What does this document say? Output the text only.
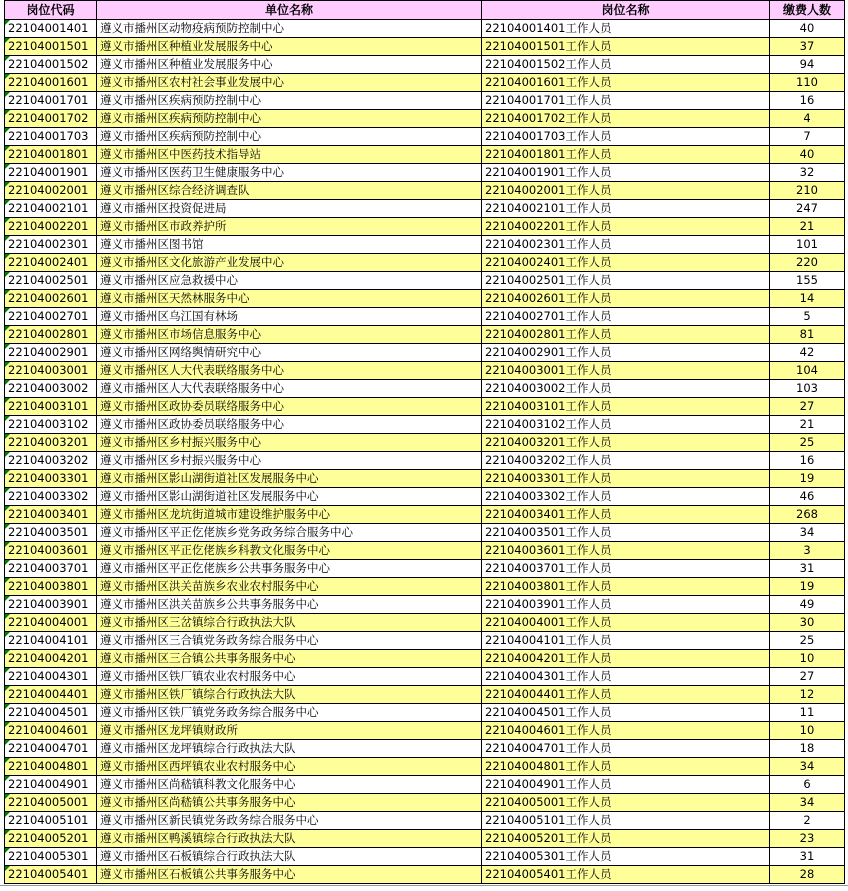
岗位代码	单位名称	岗位名称	缴费人数
22104001401	遵义市播州区动物疫病预防控制中心	22104001401工作人员	40
22104001501	遵义市播州区种植业发展服务中心	22104001501工作人员	37
22104001502	遵义市播州区种植业发展服务中心	22104001502工作人员	94
22104001601	遵义市播州区农村社会事业发展中心	22104001601工作人员	110
22104001701	遵义市播州区疾病预防控制中心	22104001701工作人员	16
22104001702	遵义市播州区疾病预防控制中心	22104001702工作人员	4
22104001703	遵义市播州区疾病预防控制中心	22104001703工作人员	7
22104001801	遵义市播州区中医药技术指导站	22104001801工作人员	40
22104001901	遵义市播州区医药卫生健康服务中心	22104001901工作人员	32
22104002001	遵义市播州区综合经济调查队	22104002001工作人员	210
22104002101	遵义市播州区投资促进局	22104002101工作人员	247
22104002201	遵义市播州区市政养护所	22104002201工作人员	21
22104002301	遵义市播州区图书馆	22104002301工作人员	101
22104002401	遵义市播州区文化旅游产业发展中心	22104002401工作人员	220
22104002501	遵义市播州区应急救援中心	22104002501工作人员	155
22104002601	遵义市播州区天然林服务中心	22104002601工作人员	14
22104002701	遵义市播州区乌江国有林场	22104002701工作人员	5
22104002801	遵义市播州区市场信息服务中心	22104002801工作人员	81
22104002901	遵义市播州区网络舆情研究中心	22104002901工作人员	42
22104003001	遵义市播州区人大代表联络服务中心	22104003001工作人员	104
22104003002	遵义市播州区人大代表联络服务中心	22104003002工作人员	103
22104003101	遵义市播州区政协委员联络服务中心	22104003101工作人员	27
22104003102	遵义市播州区政协委员联络服务中心	22104003102工作人员	21
22104003201	遵义市播州区乡村振兴服务中心	22104003201工作人员	25
22104003202	遵义市播州区乡村振兴服务中心	22104003202工作人员	16
22104003301	遵义市播州区影山湖街道社区发展服务中心	22104003301工作人员	19
22104003302	遵义市播州区影山湖街道社区发展服务中心	22104003302工作人员	46
22104003401	遵义市播州区龙坑街道城市建设维护服务中心	22104003401工作人员	268
22104003501	遵义市播州区平正仡佬族乡党务政务综合服务中心	22104003501工作人员	34
22104003601	遵义市播州区平正仡佬族乡科教文化服务中心	22104003601工作人员	3
22104003701	遵义市播州区平正仡佬族乡公共事务服务中心	22104003701工作人员	31
22104003801	遵义市播州区洪关苗族乡农业农村服务中心	22104003801工作人员	19
22104003901	遵义市播州区洪关苗族乡公共事务服务中心	22104003901工作人员	49
22104004001	遵义市播州区三岔镇综合行政执法大队	22104004001工作人员	30
22104004101	遵义市播州区三合镇党务政务综合服务中心	22104004101工作人员	25
22104004201	遵义市播州区三合镇公共事务服务中心	22104004201工作人员	10
22104004301	遵义市播州区铁厂镇农业农村服务中心	22104004301工作人员	27
22104004401	遵义市播州区铁厂镇综合行政执法大队	22104004401工作人员	12
22104004501	遵义市播州区铁厂镇党务政务综合服务中心	22104004501工作人员	11
22104004601	遵义市播州区龙坪镇财政所	22104004601工作人员	10
22104004701	遵义市播州区龙坪镇综合行政执法大队	22104004701工作人员	18
22104004801	遵义市播州区西坪镇农业农村服务中心	22104004801工作人员	34
22104004901	遵义市播州区尚嵇镇科教文化服务中心	22104004901工作人员	6
22104005001	遵义市播州区尚嵇镇公共事务服务中心	22104005001工作人员	34
22104005101	遵义市播州区新民镇党务政务综合服务中心	22104005101工作人员	2
22104005201	遵义市播州区鸭溪镇综合行政执法大队	22104005201工作人员	23
22104005301	遵义市播州区石板镇综合行政执法大队	22104005301工作人员	31
22104005401	遵义市播州区石板镇公共事务服务中心	22104005401工作人员	28
